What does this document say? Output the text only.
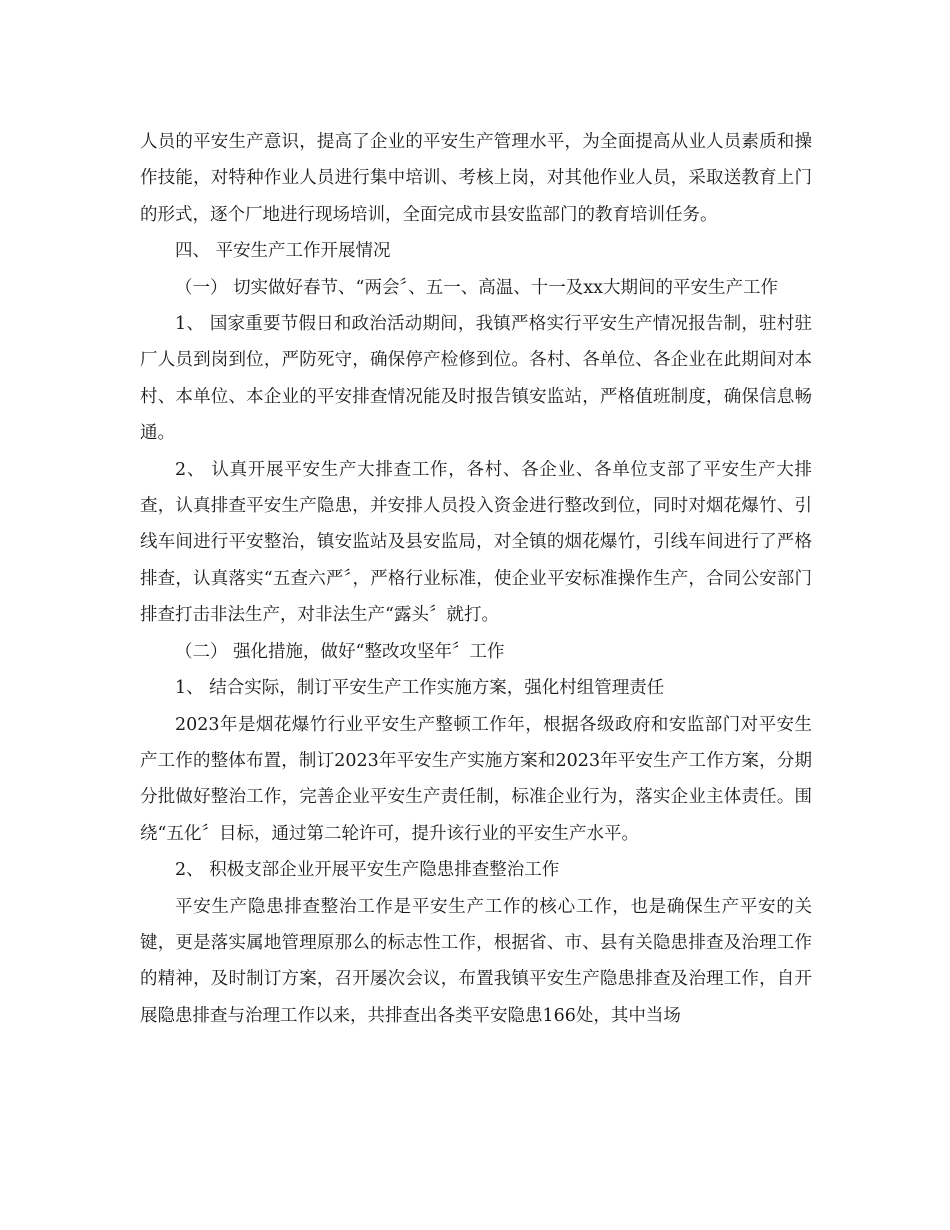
人员的平安生产意识，提高了企业的平安生产管理水平，为全面提高从业人员素质和操作技能，对特种作业人员进行集中培训、考核上岗，对其他作业人员，采取送教育上门的形式，逐个厂地进行现场培训，全面完成市县安监部门的教育培训任务。

四、 平安生产工作开展情况

（一） 切实做好春节、“两会〞、五一、高温、十一及xx大期间的平安生产工作

1、 国家重要节假日和政治活动期间，我镇严格实行平安生产情况报告制，驻村驻厂人员到岗到位，严防死守，确保停产检修到位。各村、各单位、各企业在此期间对本村、本单位、本企业的平安排查情况能及时报告镇安监站，严格值班制度，确保信息畅通。

2、 认真开展平安生产大排查工作，各村、各企业、各单位支部了平安生产大排查，认真排查平安生产隐患，并安排人员投入资金进行整改到位，同时对烟花爆竹、引线车间进行平安整治，镇安监站及县安监局，对全镇的烟花爆竹，引线车间进行了严格排查，认真落实“五查六严〞，严格行业标准，使企业平安标准操作生产，合同公安部门排查打击非法生产，对非法生产“露头〞就打。

（二） 强化措施，做好“整改攻坚年〞工作

1、 结合实际，制订平安生产工作实施方案，强化村组管理责任

2023年是烟花爆竹行业平安生产整顿工作年，根据各级政府和安监部门对平安生产工作的整体布置，制订2023年平安生产实施方案和2023年平安生产工作方案，分期分批做好整治工作，完善企业平安生产责任制，标准企业行为，落实企业主体责任。围绕“五化〞目标，通过第二轮许可，提升该行业的平安生产水平。

2、 积极支部企业开展平安生产隐患排查整治工作

平安生产隐患排查整治工作是平安生产工作的核心工作，也是确保生产平安的关键，更是落实属地管理原那么的标志性工作，根据省、市、县有关隐患排查及治理工作的精神，及时制订方案，召开屡次会议，布置我镇平安生产隐患排查及治理工作，自开展隐患排查与治理工作以来，共排查出各类平安隐患166处，其中当场
